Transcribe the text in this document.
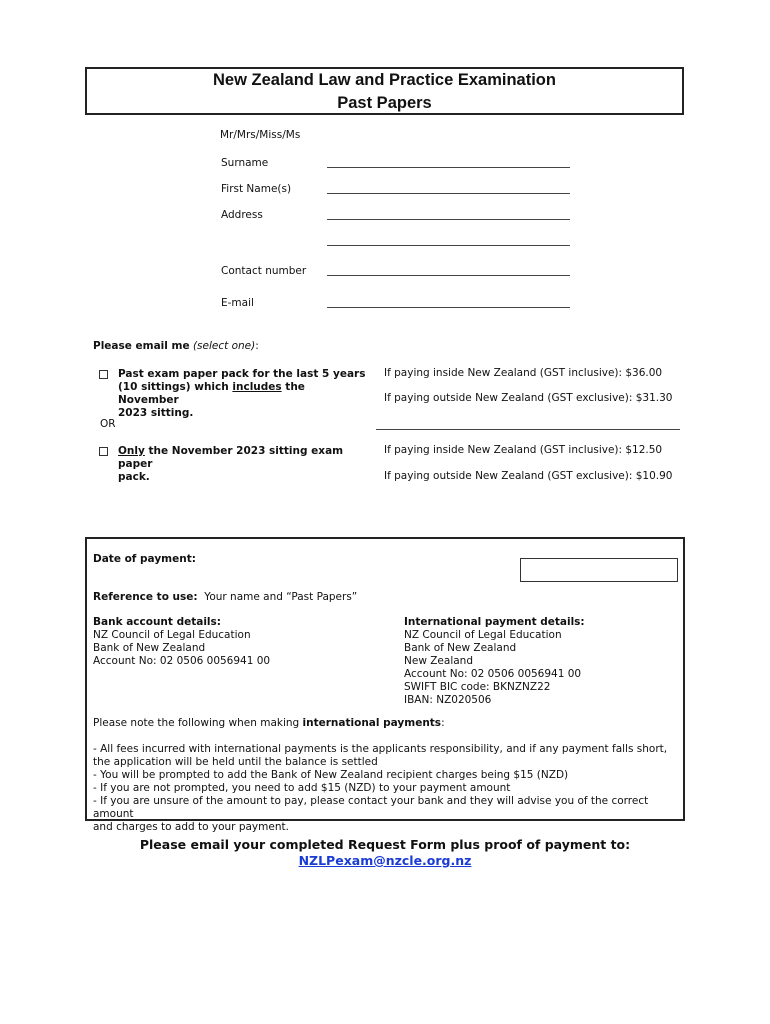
New Zealand Law and Practice Examination
Past Papers
Mr/Mrs/Miss/Ms
Surname
First Name(s)
Address
Contact number
E-mail
Please email me (select one):
Past exam paper pack for the last 5 years
(10 sittings) which includes the November
2023 sitting.
If paying inside New Zealand (GST inclusive): $36.00
If paying outside New Zealand (GST exclusive): $31.30
OR
Only the November 2023 sitting exam paper
pack.
If paying inside New Zealand (GST inclusive): $12.50
If paying outside New Zealand (GST exclusive): $10.90
Date of payment:
Reference to use: Your name and “Past Papers”
Bank account details:
NZ Council of Legal Education
Bank of New Zealand
Account No: 02 0506 0056941 00
International payment details:
NZ Council of Legal Education
Bank of New Zealand
New Zealand
Account No: 02 0506 0056941 00
SWIFT BIC code: BKNZNZ22
IBAN: NZ020506
Please note the following when making international payments:
- All fees incurred with international payments is the applicants responsibility, and if any payment falls short,
the application will be held until the balance is settled
- You will be prompted to add the Bank of New Zealand recipient charges being $15 (NZD)
- If you are not prompted, you need to add $15 (NZD) to your payment amount
- If you are unsure of the amount to pay, please contact your bank and they will advise you of the correct amount
and charges to add to your payment.
Please email your completed Request Form plus proof of payment to:
NZLPexam@nzcle.org.nz
